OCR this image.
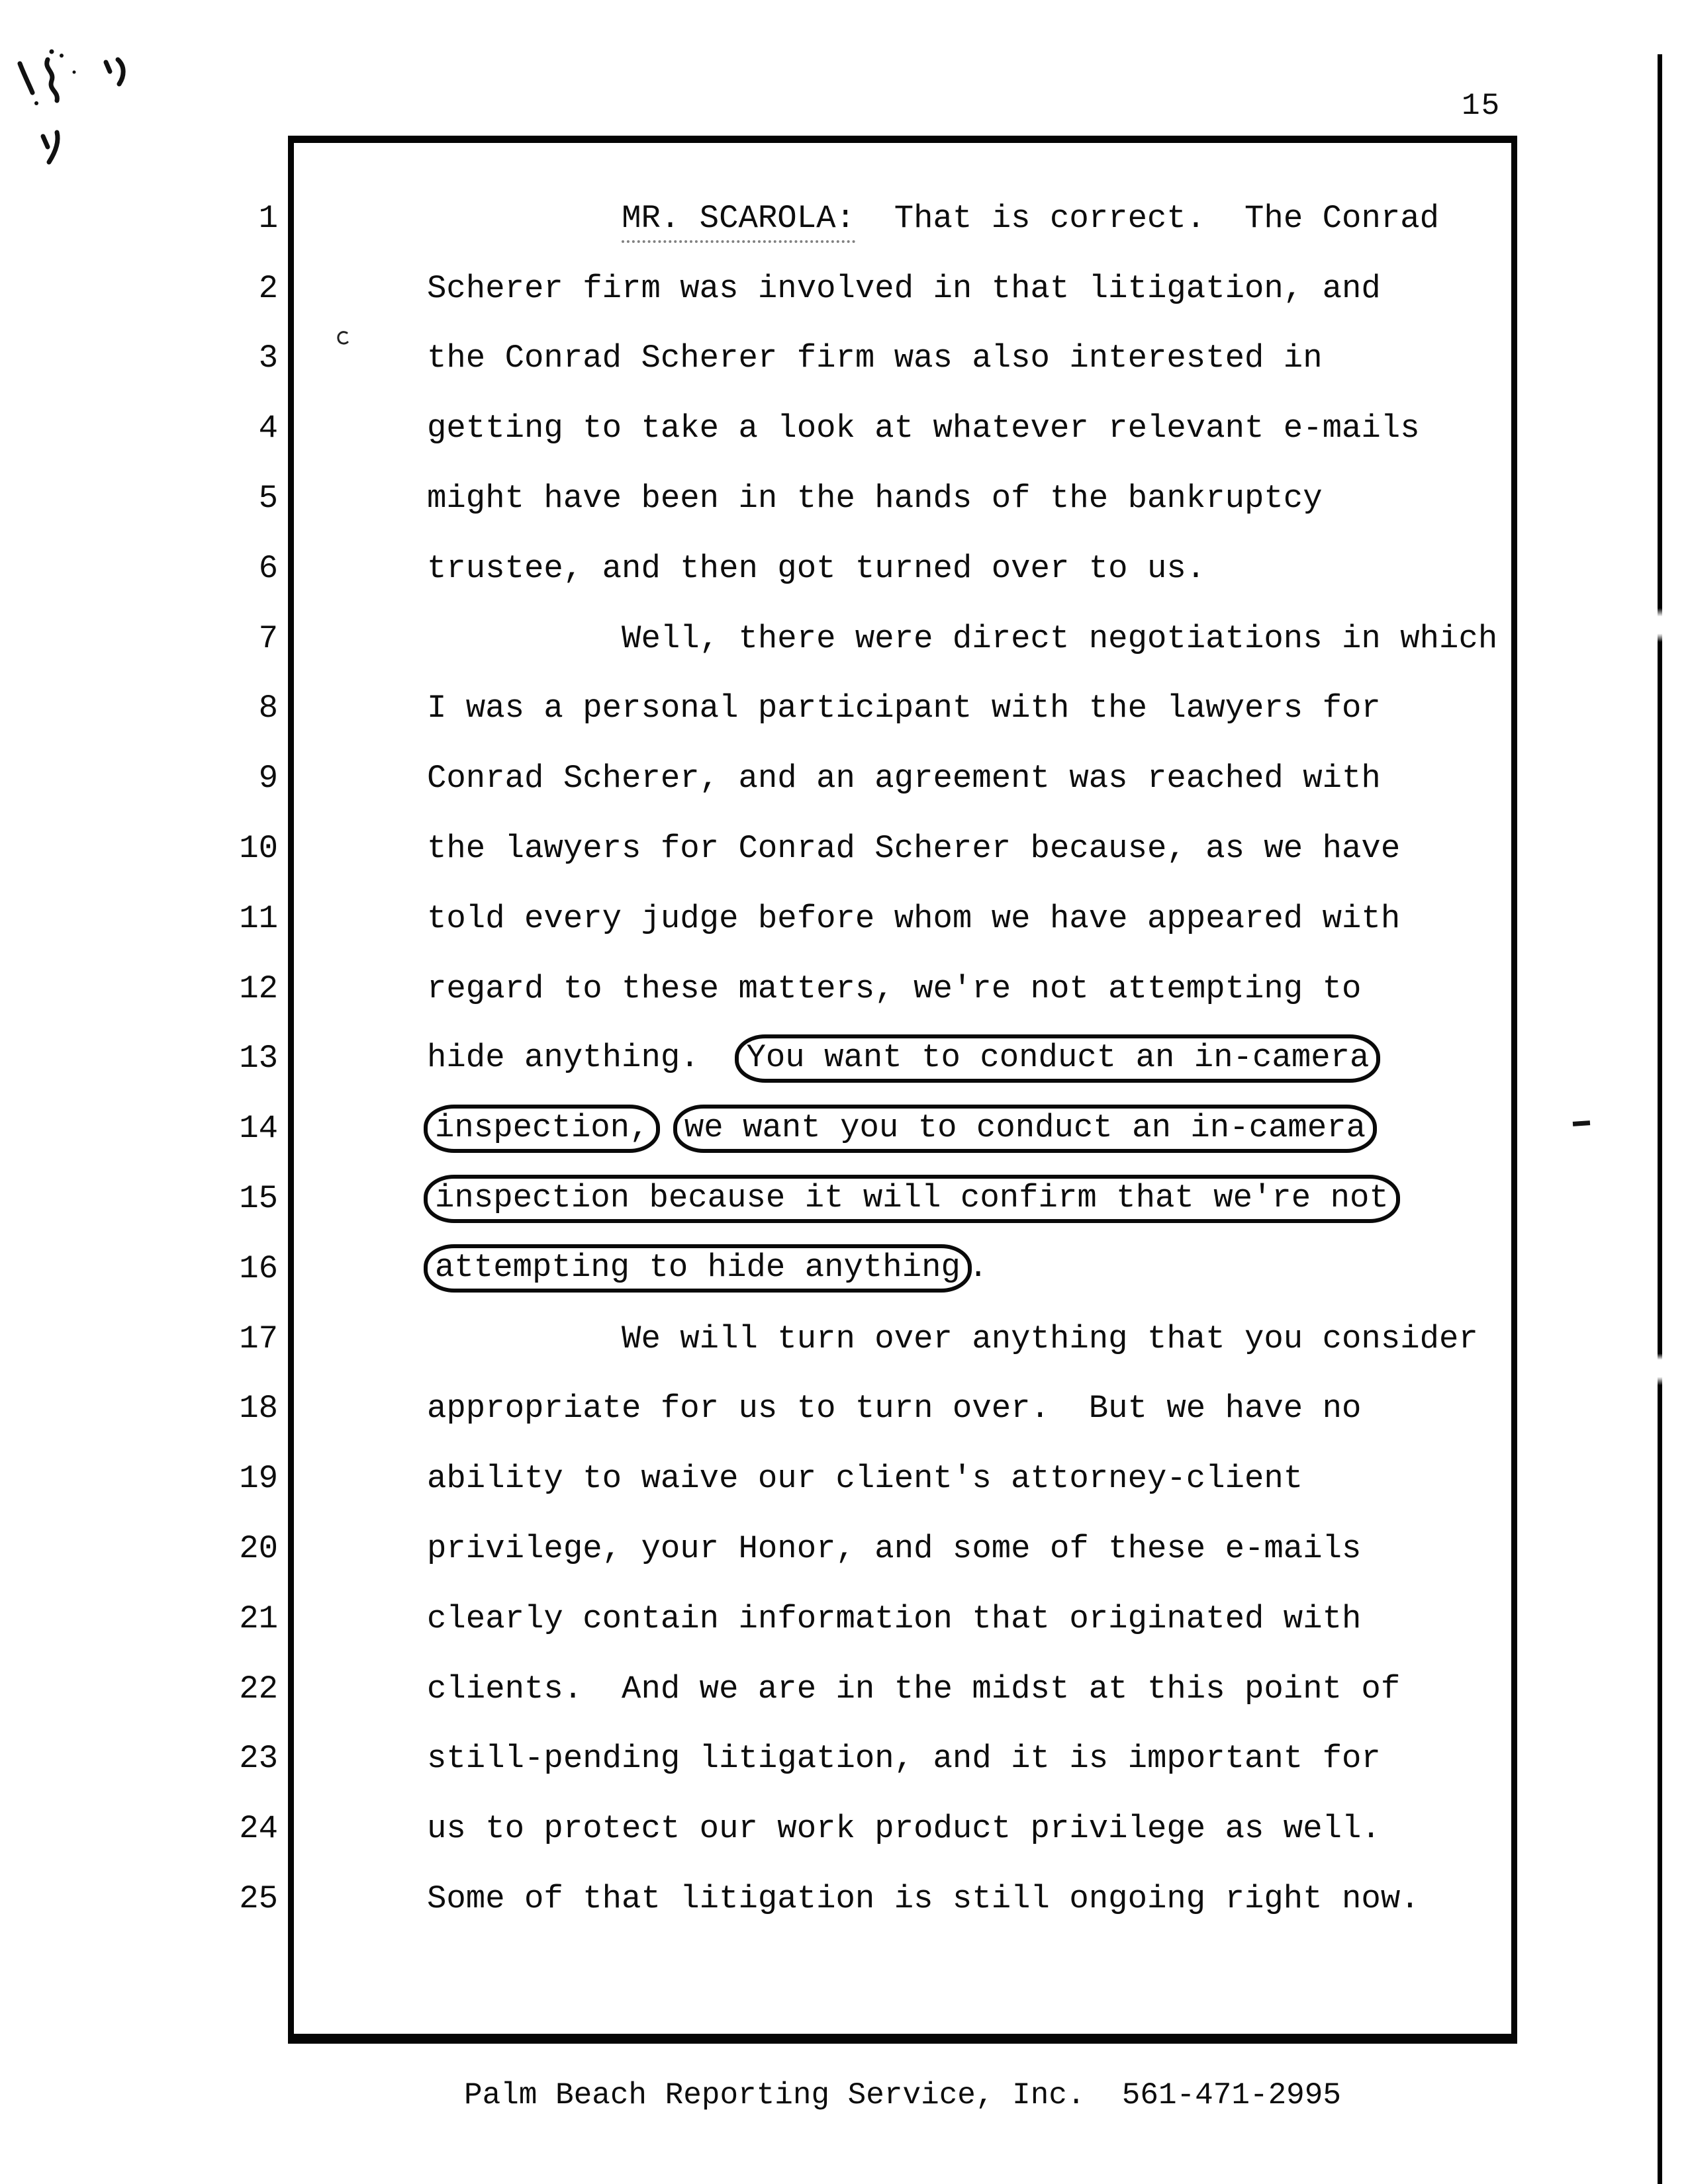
15
1	MR. SCAROLA:  That is correct.  The Conrad
2	Scherer firm was involved in that litigation, and
3	the Conrad Scherer firm was also interested in
4	getting to take a look at whatever relevant e-mails
5	might have been in the hands of the bankruptcy
6	trustee, and then got turned over to us.
7	Well, there were direct negotiations in which
8	I was a personal participant with the lawyers for
9	Conrad Scherer, and an agreement was reached with
10	the lawyers for Conrad Scherer because, as we have
11	told every judge before whom we have appeared with
12	regard to these matters, we're not attempting to
13	hide anything.  You want to conduct an in-camera
14	inspection, we want you to conduct an in-camera
15	inspection because it will confirm that we're not
16	attempting to hide anything .
17	We will turn over anything that you consider
18	appropriate for us to turn over.  But we have no
19	ability to waive our client's attorney-client
20	privilege, your Honor, and some of these e-mails
21	clearly contain information that originated with
22	clients.  And we are in the midst at this point of
23	still-pending litigation, and it is important for
24	us to protect our work product privilege as well.
25	Some of that litigation is still ongoing right now.
Palm Beach Reporting Service, Inc.  561-471-2995
